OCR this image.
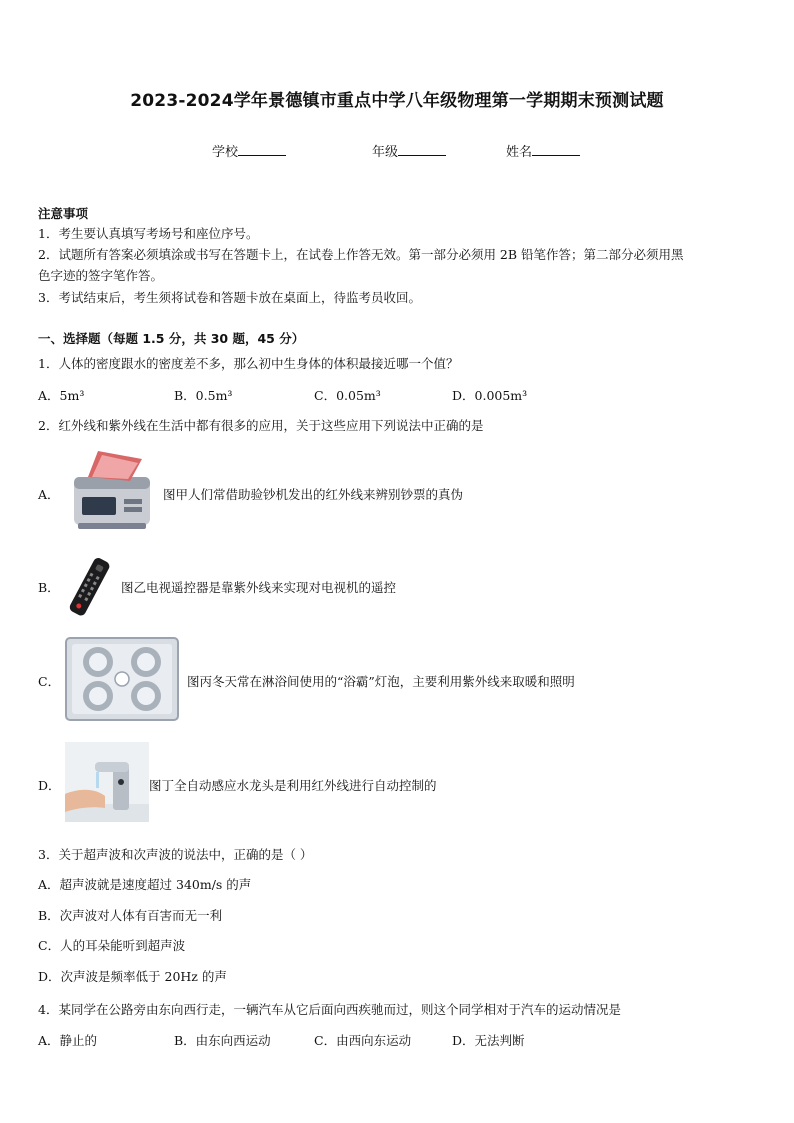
2023-2024学年景德镇市重点中学八年级物理第一学期期末预测试题
学校	年级	姓名
注意事项
1．考生要认真填写考场号和座位序号。
2．试题所有答案必须填涂或书写在答题卡上，在试卷上作答无效。第一部分必须用 2B 铅笔作答；第二部分必须用黑
色字迹的签字笔作答。
3．考试结束后，考生须将试卷和答题卡放在桌面上，待监考员收回。
一、选择题（每题 1.5 分，共 30 题，45 分）
1．人体的密度跟水的密度差不多，那么初中生身体的体积最接近哪一个值？
A．5m³	B．0.5m³	C．0.05m³	D．0.005m³
2．红外线和紫外线在生活中都有很多的应用，关于这些应用下列说法中正确的是
A．	图甲人们常借助验钞机发出的红外线来辨别钞票的真伪
B．	图乙电视遥控器是靠紫外线来实现对电视机的遥控
C．	图丙冬天常在淋浴间使用的“浴霸”灯泡，主要利用紫外线来取暖和照明
D．	图丁全自动感应水龙头是利用红外线进行自动控制的
3．关于超声波和次声波的说法中，正确的是（ ）
A．超声波就是速度超过 340m/s 的声
B．次声波对人体有百害而无一利
C．人的耳朵能听到超声波
D．次声波是频率低于 20Hz 的声
4．某同学在公路旁由东向西行走，一辆汽车从它后面向西疾驰而过，则这个同学相对于汽车的运动情况是
A．静止的	B．由东向西运动	C．由西向东运动	D．无法判断
